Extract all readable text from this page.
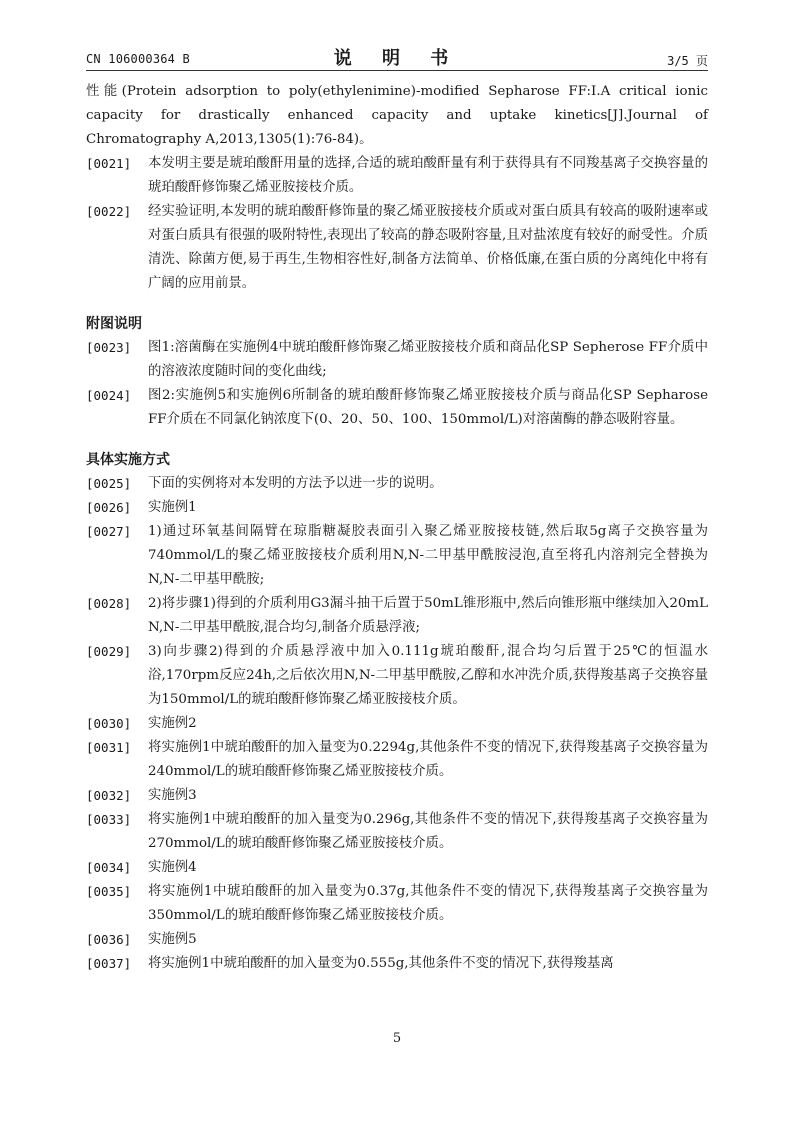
CN 106000364 B	说 明 书	3/5 页

性能(Protein adsorption to poly(ethylenimine)-modified Sepharose FF:I.A critical ionic capacity for drastically enhanced capacity and uptake kinetics[J].Journal of Chromatography A,2013,1305(1):76-84)。

[0021] 本发明主要是琥珀酸酐用量的选择,合适的琥珀酸酐量有利于获得具有不同羧基离子交换容量的琥珀酸酐修饰聚乙烯亚胺接枝介质。
[0022] 经实验证明,本发明的琥珀酸酐修饰量的聚乙烯亚胺接枝介质或对蛋白质具有较高的吸附速率或对蛋白质具有很强的吸附特性,表现出了较高的静态吸附容量,且对盐浓度有较好的耐受性。介质清洗、除菌方便,易于再生,生物相容性好,制备方法简单、价格低廉,在蛋白质的分离纯化中将有广阔的应用前景。
附图说明
[0023] 图1:溶菌酶在实施例4中琥珀酸酐修饰聚乙烯亚胺接枝介质和商品化SP Sepherose FF介质中的溶液浓度随时间的变化曲线;
[0024] 图2:实施例5和实施例6所制备的琥珀酸酐修饰聚乙烯亚胺接枝介质与商品化SP Sepharose FF介质在不同氯化钠浓度下(0、20、50、100、150mmol/L)对溶菌酶的静态吸附容量。
具体实施方式
[0025] 下面的实例将对本发明的方法予以进一步的说明。
[0026] 实施例1
[0027] 1)通过环氧基间隔臂在琼脂糖凝胶表面引入聚乙烯亚胺接枝链,然后取5g离子交换容量为740mmol/L的聚乙烯亚胺接枝介质利用N,N-二甲基甲酰胺浸泡,直至将孔内溶剂完全替换为N,N-二甲基甲酰胺;
[0028] 2)将步骤1)得到的介质利用G3漏斗抽干后置于50mL锥形瓶中,然后向锥形瓶中继续加入20mL N,N-二甲基甲酰胺,混合均匀,制备介质悬浮液;
[0029] 3)向步骤2)得到的介质悬浮液中加入0.111g琥珀酸酐,混合均匀后置于25℃的恒温水浴,170rpm反应24h,之后依次用N,N-二甲基甲酰胺,乙醇和水冲洗介质,获得羧基离子交换容量为150mmol/L的琥珀酸酐修饰聚乙烯亚胺接枝介质。
[0030] 实施例2
[0031] 将实施例1中琥珀酸酐的加入量变为0.2294g,其他条件不变的情况下,获得羧基离子交换容量为240mmol/L的琥珀酸酐修饰聚乙烯亚胺接枝介质。
[0032] 实施例3
[0033] 将实施例1中琥珀酸酐的加入量变为0.296g,其他条件不变的情况下,获得羧基离子交换容量为270mmol/L的琥珀酸酐修饰聚乙烯亚胺接枝介质。
[0034] 实施例4
[0035] 将实施例1中琥珀酸酐的加入量变为0.37g,其他条件不变的情况下,获得羧基离子交换容量为350mmol/L的琥珀酸酐修饰聚乙烯亚胺接枝介质。
[0036] 实施例5
[0037] 将实施例1中琥珀酸酐的加入量变为0.555g,其他条件不变的情况下,获得羧基离
5
